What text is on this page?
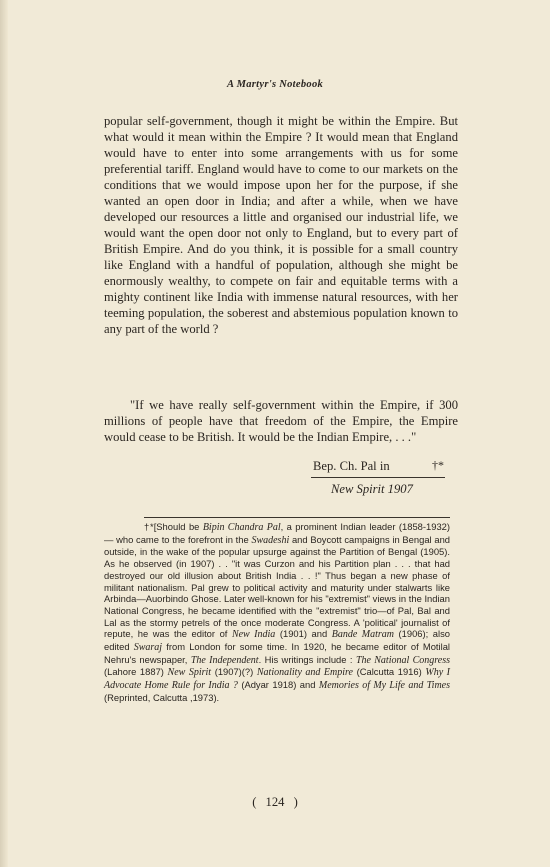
A Martyr's Notebook

popular self-government, though it might be within the Empire. But what would it mean within the Empire ? It would mean that England would have to enter into some arrangements with us for some preferential tariff. England would have to come to our markets on the conditions that we would impose upon her for the purpose, if she wanted an open door in India; and after a while, when we have developed our resources a little and organised our industrial life, we would want the open door not only to England, but to every part of British Empire. And do you think, it is possible for a small country like England with a handful of population, although she might be enormously wealthy, to compete on fair and equitable terms with a mighty continent like India with immense natural resources, with her teeming population, the soberest and abstemious population known to any part of the world ?

"If we have really self-government within the Empire, if 300 millions of people have that freedom of the Empire, the Empire would cease to be British. It would be the Indian Empire, . . ."

Bep. Ch. Pal in	†*
New Spirit 1907

†*[Should be Bipin Chandra Pal, a prominent Indian leader (1858-1932) — who came to the forefront in the Swadeshi and Boycott campaigns in Bengal and outside, in the wake of the popular upsurge against the Partition of Bengal (1905). As he observed (in 1907) . . "it was Curzon and his Partition plan . . . that had destroyed our old illusion about British India . . !" Thus began a new phase of militant nationalism. Pal grew to political activity and maturity under stalwarts like Arbinda—Auorbindo Ghose. Later well-known for his "extremist" views in the Indian National Congress, he became identified with the "extremist" trio—of Pal, Bal and Lal as the stormy petrels of the once moderate Congress. A 'political' journalist of repute, he was the editor of New India (1901) and Bande Matram (1906); also edited Swaraj from London for some time. In 1920, he became editor of Motilal Nehru's newspaper, The Independent. His writings include : The National Congress (Lahore 1887) New Spirit (1907)(?) Nationality and Empire (Calcutta 1916) Why I Advocate Home Rule for India ? (Adyar 1918) and Memories of My Life and Times (Reprinted, Calcutta ,1973).

( 124 )
